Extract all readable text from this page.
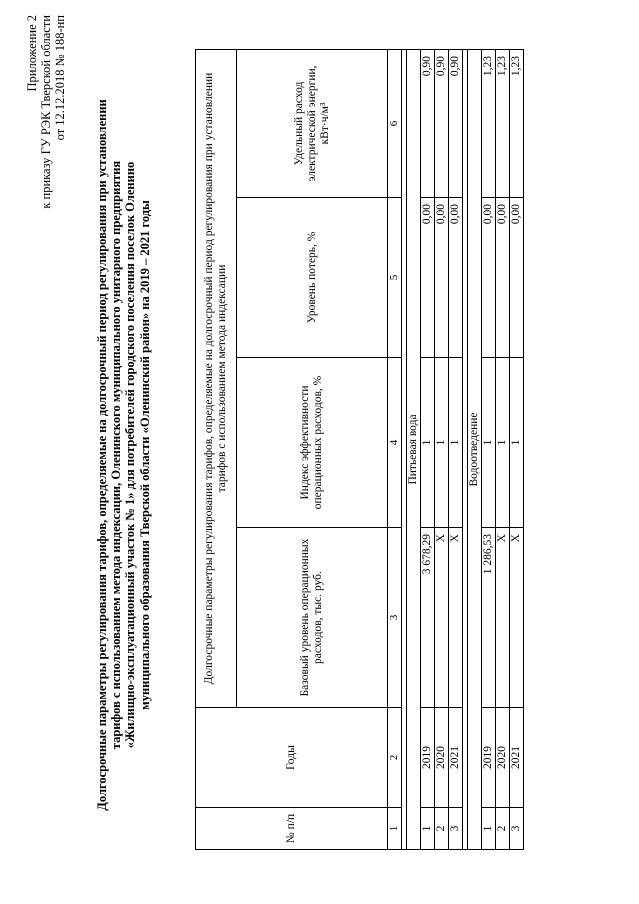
Приложение 2 к приказу ГУ РЭК Тверской области от 12.12.2018 № 188-нп
Долгосрочные параметры регулирования тарифов, определяемые на долгосрочный период регулирования при установлении тарифов с использованием метода индексации, Оленинского муниципального унитарного предприятия «Жилищно-эксплуатационный участок № 1» для потребителей городского поселения поселок Оленино муниципального образования Тверской области «Оленинский район» на 2019 – 2021 годы
№ п/п	Годы	Долгосрочные параметры регулирования тарифов, определяемые на долгосрочный период регулирования при установлении тарифов с использованием метода индексации			
		Базовый уровень операционных расходов, тыс. руб.	Индекс эффективности операционных расходов, %	Уровень потерь, %	Удельный расход электрической энергии, кВт·ч/м³
1	2	3	4	5	6

Питьевая вода					
1	2019	3 678,29	1	0,00	0,90
2	2020	Х	1	0,00	0,90
3	2021	Х	1	0,00	0,90

Водоотведение					
1	2019	1 286,53	1	0,00	1,23
2	2020	Х	1	0,00	1,23
3	2021	Х	1	0,00	1,23
